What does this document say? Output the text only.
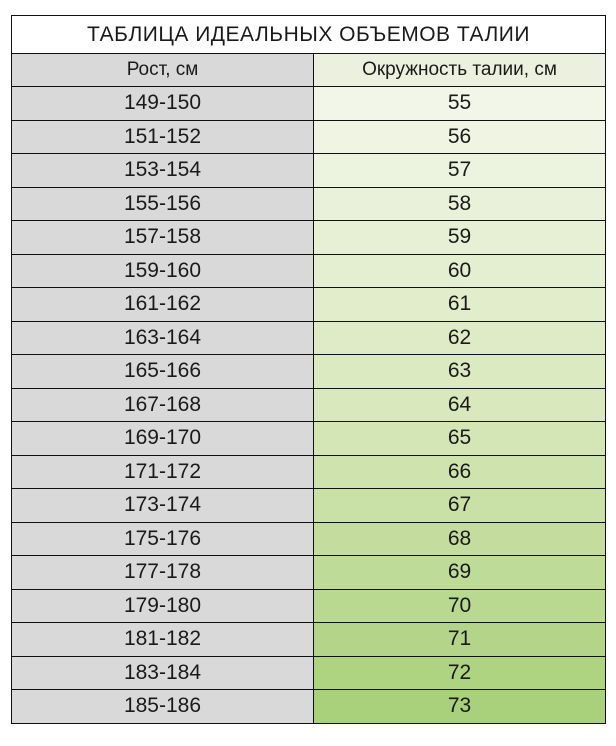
ТАБЛИЦА ИДЕАЛЬНЫХ ОБЪЕМОВ ТАЛИИ	
Рост, см	Окружность талии, см
149-150	55
151-152	56
153-154	57
155-156	58
157-158	59
159-160	60
161-162	61
163-164	62
165-166	63
167-168	64
169-170	65
171-172	66
173-174	67
175-176	68
177-178	69
179-180	70
181-182	71
183-184	72
185-186	73
